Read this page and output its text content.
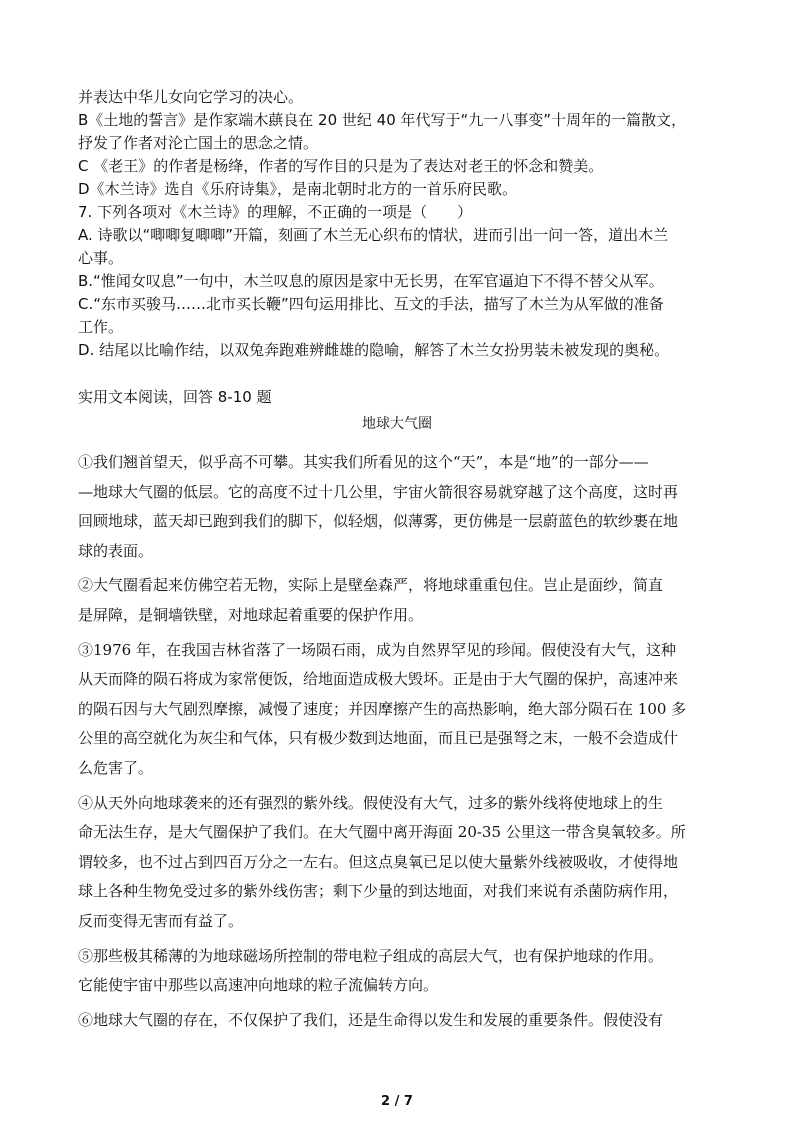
并表达中华儿女向它学习的决心。
B《土地的誓言》是作家端木蕻良在 20 世纪 40 年代写于“九一八事变”十周年的一篇散文，
抒发了作者对沦亡国土的思念之情。
C 《老王》的作者是杨绛，作者的写作目的只是为了表达对老王的怀念和赞美。
D《木兰诗》选自《乐府诗集》，是南北朝时北方的一首乐府民歌。
7. 下列各项对《木兰诗》的理解，不正确的一项是（　　）
A. 诗歌以“唧唧复唧唧”开篇，刻画了木兰无心织布的情状，进而引出一问一答，道出木兰
心事。
B.“惟闻女叹息”一句中，木兰叹息的原因是家中无长男，在军官逼迫下不得不替父从军。
C.“东市买骏马……北市买长鞭”四句运用排比、互文的手法，描写了木兰为从军做的准备
工作。
D. 结尾以比喻作结，以双兔奔跑难辨雌雄的隐喻，解答了木兰女扮男装未被发现的奥秘。
实用文本阅读，回答 8-10 题
地球大气圈
①我们翘首望天，似乎高不可攀。其实我们所看见的这个“天”，本是“地”的一部分——
—地球大气圈的低层。它的高度不过十几公里，宇宙火箭很容易就穿越了这个高度，这时再
回顾地球，蓝天却已跑到我们的脚下，似轻烟，似薄雾，更仿佛是一层蔚蓝色的软纱裹在地
球的表面。
②大气圈看起来仿佛空若无物，实际上是壁垒森严，将地球重重包住。岂止是面纱，简直
是屏障，是铜墙铁壁，对地球起着重要的保护作用。
③1976 年，在我国吉林省落了一场陨石雨，成为自然界罕见的珍闻。假使没有大气，这种
从天而降的陨石将成为家常便饭，给地面造成极大毁坏。正是由于大气圈的保护，高速冲来
的陨石因与大气剧烈摩擦，减慢了速度；并因摩擦产生的高热影响，绝大部分陨石在 100 多
公里的高空就化为灰尘和气体，只有极少数到达地面，而且已是强弩之末，一般不会造成什
么危害了。
④从天外向地球袭来的还有强烈的紫外线。假使没有大气，过多的紫外线将使地球上的生
命无法生存，是大气圈保护了我们。在大气圈中离开海面 20-35 公里这一带含臭氧较多。所
谓较多，也不过占到四百万分之一左右。但这点臭氧已足以使大量紫外线被吸收，才使得地
球上各种生物免受过多的紫外线伤害；剩下少量的到达地面，对我们来说有杀菌防病作用，
反而变得无害而有益了。
⑤那些极其稀薄的为地球磁场所控制的带电粒子组成的高层大气，也有保护地球的作用。
它能使宇宙中那些以高速冲向地球的粒子流偏转方向。
⑥地球大气圈的存在，不仅保护了我们，还是生命得以发生和发展的重要条件。假使没有
2 / 7
